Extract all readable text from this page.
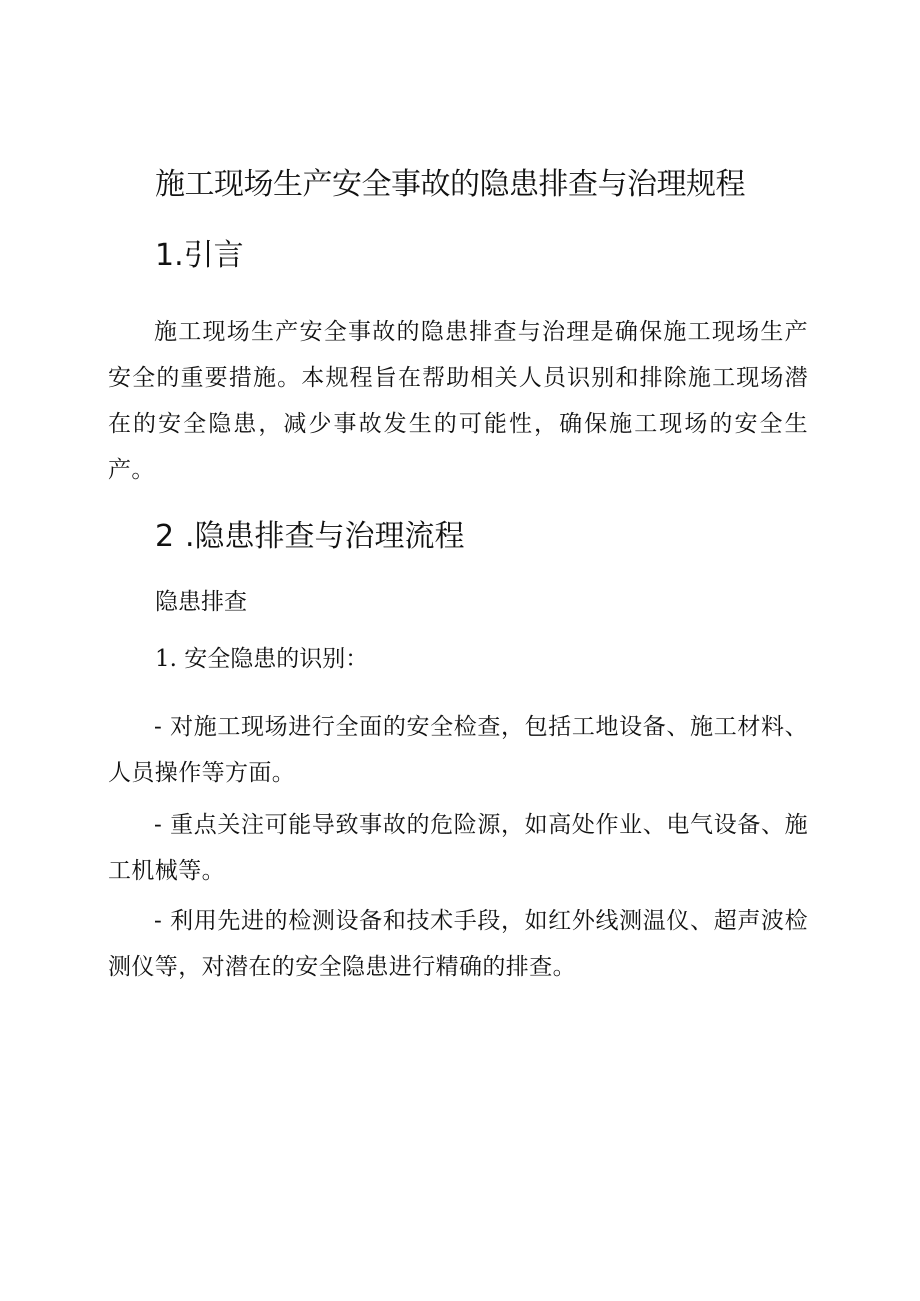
施工现场生产安全事故的隐患排查与治理规程
1.引言
施工现场生产安全事故的隐患排查与治理是确保施工现场生产安全的重要措施。本规程旨在帮助相关人员识别和排除施工现场潜在的安全隐患，减少事故发生的可能性，确保施工现场的安全生产。
2 .隐患排查与治理流程
隐患排查
1. 安全隐患的识别：
- 对施工现场进行全面的安全检查，包括工地设备、施工材料、人员操作等方面。
- 重点关注可能导致事故的危险源，如高处作业、电气设备、施工机械等。
- 利用先进的检测设备和技术手段，如红外线测温仪、超声波检测仪等，对潜在的安全隐患进行精确的排查。
